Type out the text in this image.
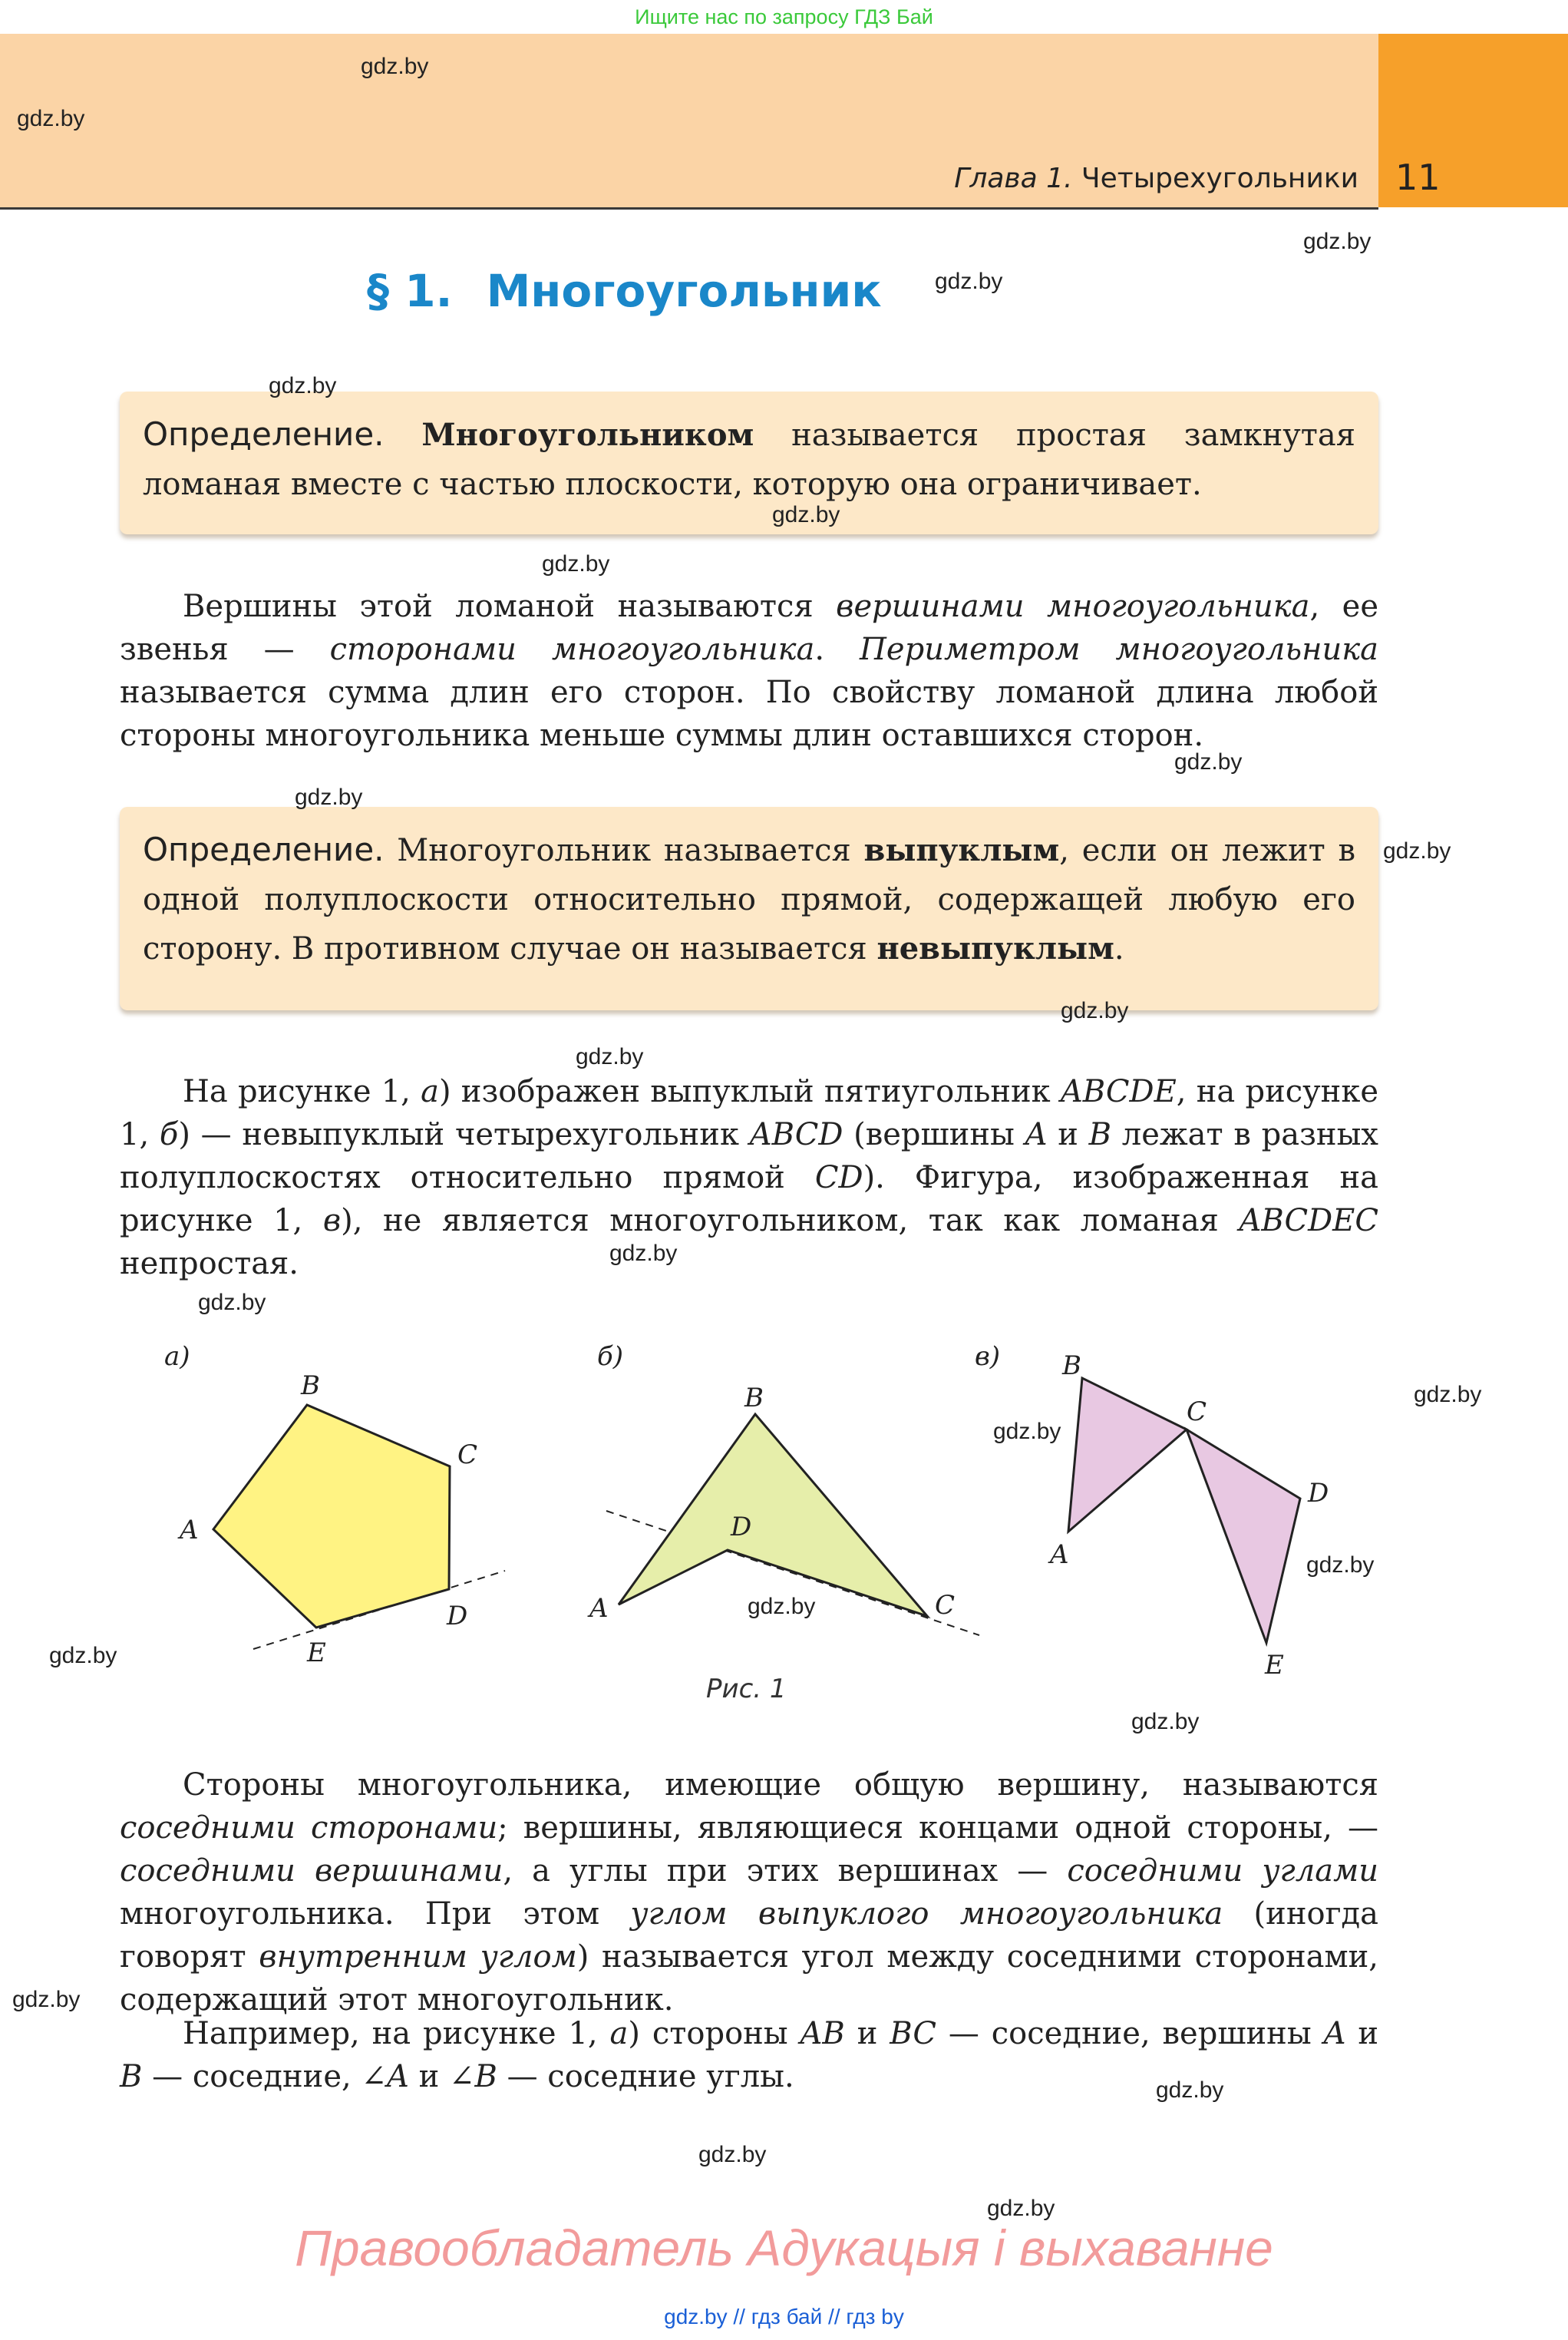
Ищите нас по запросу ГДЗ Бай
Глава 1. Четырехугольники 11
§ 1. Многоугольник
Определение. Многоугольником называется простая замкнутая ломаная вместе с частью плоскости, которую она ограничивает.
Вершины этой ломаной называются вершинами многоугольника, ее звенья — сторонами многоугольника. Периметром многоугольника называется сумма длин его сторон. По свойству ломаной длина любой стороны многоугольника меньше суммы длин оставшихся сторон.
Определение. Многоугольник называется выпуклым, если он лежит в одной полуплоскости относительно прямой, содержащей любую его сторону. В противном случае он называется невыпуклым.
На рисунке 1, а) изображен выпуклый пятиугольник ABCDE, на рисунке 1, б) — невыпуклый четырехугольник ABCD (вершины A и B лежат в разных полуплоскостях относительно прямой CD). Фигура, изображенная на рисунке 1, в), не является многоугольником, так как ломаная ABCDEC непростая.
а)
A
B
C
D
E
б)
A
B
C
D
в)
A
B
C
D
E
Рис. 1
Стороны многоугольника, имеющие общую вершину, называются соседними сторонами; вершины, являющиеся концами одной стороны, — соседними вершинами, а углы при этих вершинах — соседними углами многоугольника. При этом углом выпуклого многоугольника (иногда говорят внутренним углом) называется угол между соседними сторонами, содержащий этот многоугольник.
Например, на рисунке 1, а) стороны AB и BC — соседние, вершины A и B — соседние, ∠A и ∠B — соседние углы.
gdz.by
gdz.by
gdz.by
gdz.by
gdz.by
gdz.by
gdz.by
gdz.by
gdz.by
gdz.by
gdz.by
gdz.by
gdz.by
gdz.by
gdz.by
gdz.by
gdz.by
gdz.by
gdz.by
gdz.by
gdz.by
gdz.by
gdz.by
gdz.by
Правообладатель Адукацыя і выхаванне
gdz.by // гдз бай // гдз by
